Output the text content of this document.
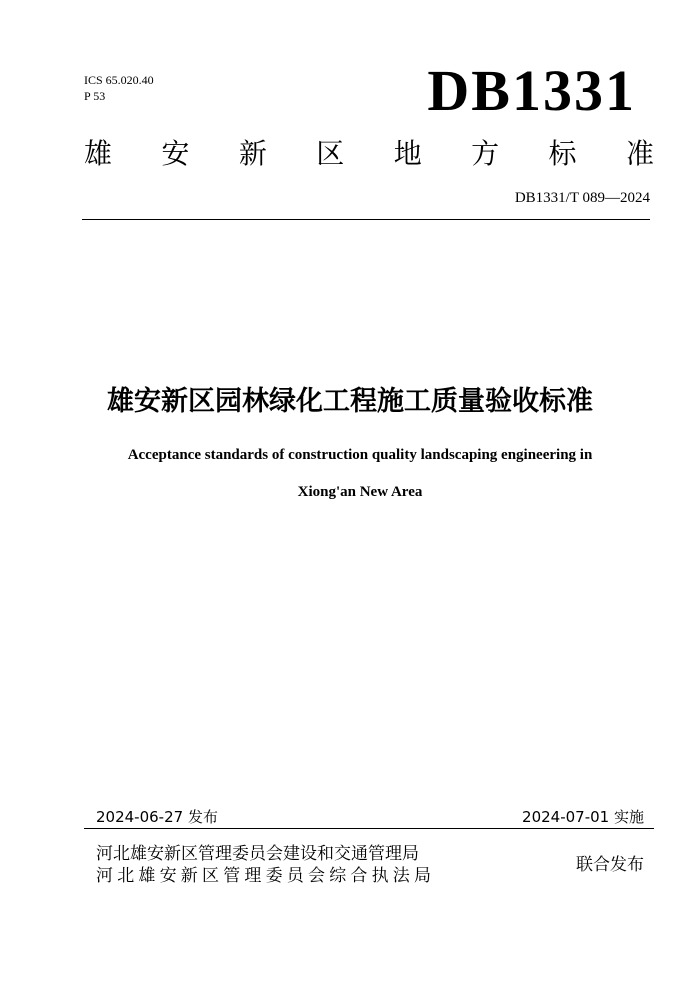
ICS 65.020.40
P 53	DB1331
雄 安 新 区 地 方 标 准
DB1331/T 089—2024
雄安新区园林绿化工程施工质量验收标准
Acceptance standards of construction quality landscaping engineering in
Xiong'an New Area
2024-06-27 发布	2024-07-01 实施
河北雄安新区管理委员会建设和交通管理局
河北雄安新区管理委员会综合执法局
联合发布
